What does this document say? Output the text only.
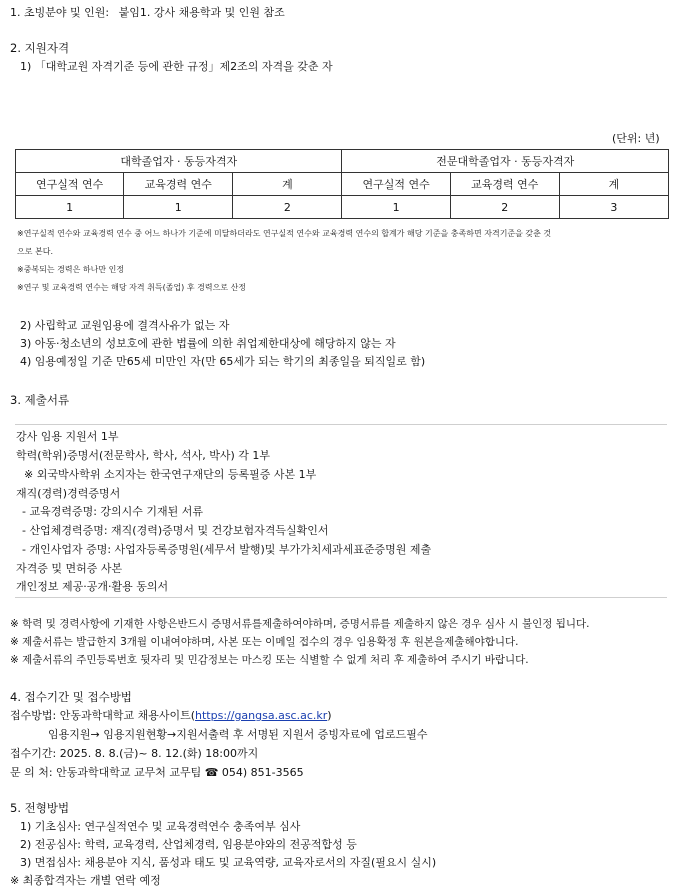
1. 초빙분야 및 인원: 붙임1. 강사 채용학과 및 인원 참조
2. 지원자격
1) 「대학교원 자격기준 등에 관한 규정」제2조의 자격을 갖춘 자
(단위: 년)
대학졸업자 · 동등자격자			전문대학졸업자 · 동등자격자		
연구실적 연수	교육경력 연수	계	연구실적 연수	교육경력 연수	계
1	1	2	1	2	3
※연구실적 연수와 교육경력 연수 중 어느 하나가 기준에 미달하더라도 연구실적 연수와 교육경력 연수의 합계가 해당 기준을 충족하면 자격기준을 갖춘 것
으로 본다.
※중복되는 경력은 하나만 인정
※연구 및 교육경력 연수는 해당 자격 취득(졸업) 후 경력으로 산정
2) 사립학교 교원임용에 결격사유가 없는 자
3) 아동·청소년의 성보호에 관한 법률에 의한 취업제한대상에 해당하지 않는 자
4) 임용예정일 기준 만65세 미만인 자(만 65세가 되는 학기의 최종일을 퇴직일로 함)
3. 제출서류
강사 임용 지원서 1부
학력(학위)증명서(전문학사, 학사, 석사, 박사) 각 1부
※ 외국박사학위 소지자는 한국연구재단의 등록필증 사본 1부
재직(경력)경력증명서
- 교육경력증명: 강의시수 기재된 서류
- 산업체경력증명: 재직(경력)증명서 및 건강보험자격득실확인서
- 개인사업자 증명: 사업자등록증명원(세무서 발행)및 부가가치세과세표준증명원 제출
자격증 및 면허증 사본
개인정보 제공·공개·활용 동의서
※ 학력 및 경력사항에 기재한 사항은반드시 증명서류를제출하여야하며, 증명서류를 제출하지 않은 경우 심사 시 불인정 됩니다.
※ 제출서류는 발급한지 3개월 이내여야하며, 사본 또는 이메일 접수의 경우 임용확정 후 원본을제출해야합니다.
※ 제출서류의 주민등록번호 뒷자리 및 민감정보는 마스킹 또는 식별할 수 없게 처리 후 제출하여 주시기 바랍니다.
4. 접수기간 및 접수방법
접수방법: 안동과학대학교 채용사이트(https://gangsa.asc.ac.kr)
임용지원→ 임용지원현황→지원서출력 후 서명된 지원서 증빙자료에 업로드필수
접수기간: 2025. 8. 8.(금)~ 8. 12.(화) 18:00까지
문 의 처: 안동과학대학교 교무처 교무팀 ☎ 054) 851-3565
5. 전형방법
1) 기초심사: 연구실적연수 및 교육경력연수 충족여부 심사
2) 전공심사: 학력, 교육경력, 산업체경력, 임용분야와의 전공적합성 등
3) 면접심사: 채용분야 지식, 품성과 태도 및 교육역량, 교육자로서의 자질(필요시 실시)
※ 최종합격자는 개별 연락 예정
